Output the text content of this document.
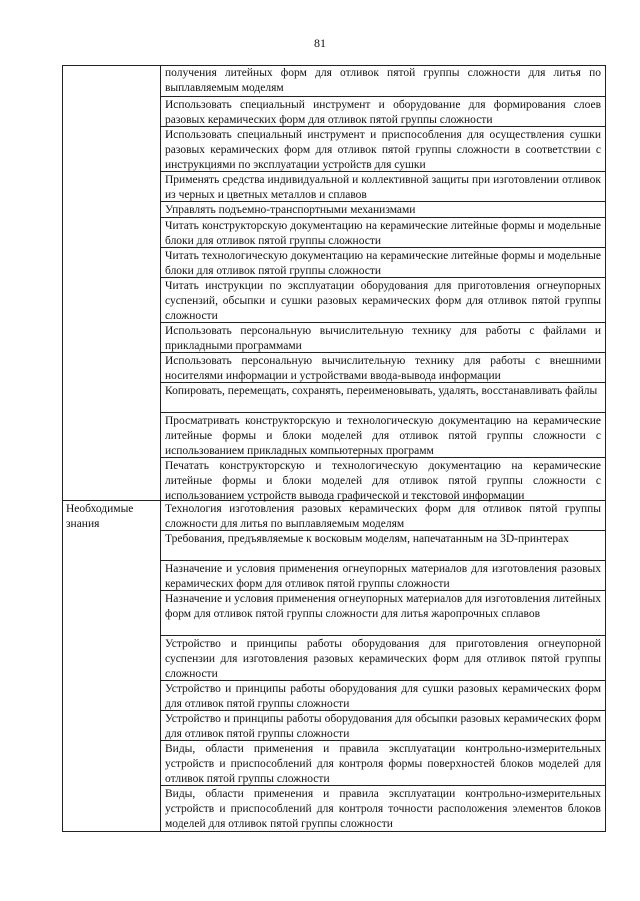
81
Необходимые
знания
получения литейных форм для отливок пятой группы сложности для литья по выплавляемым моделям
Использовать специальный инструмент и оборудование для формирования слоев разовых керамических форм для отливок пятой группы сложности
Использовать специальный инструмент и приспособления для осуществления сушки разовых керамических форм для отливок пятой группы сложности в соответствии с инструкциями по эксплуатации устройств для сушки
Применять средства индивидуальной и коллективной защиты при изготовлении отливок из черных и цветных металлов и сплавов
Управлять подъемно-транспортными механизмами
Читать конструкторскую документацию на керамические литейные формы и модельные блоки для отливок пятой группы сложности
Читать технологическую документацию на керамические литейные формы и модельные блоки для отливок пятой группы сложности
Читать инструкции по эксплуатации оборудования для приготовления огнеупорных суспензий, обсыпки и сушки разовых керамических форм для отливок пятой группы сложности
Использовать персональную вычислительную технику для работы с файлами и прикладными программами
Использовать персональную вычислительную технику для работы с внешними носителями информации и устройствами ввода-вывода информации
Копировать, перемещать, сохранять, переименовывать, удалять, восстанавливать файлы
Просматривать конструкторскую и технологическую документацию на керамические литейные формы и блоки моделей для отливок пятой группы сложности с использованием прикладных компьютерных программ
Печатать конструкторскую и технологическую документацию на керамические литейные формы и блоки моделей для отливок пятой группы сложности с использованием устройств вывода графической и текстовой информации
Технология изготовления разовых керамических форм для отливок пятой группы сложности для литья по выплавляемым моделям
Требования, предъявляемые к восковым моделям, напечатанным на 3D-принтерах
Назначение и условия применения огнеупорных материалов для изготовления разовых керамических форм для отливок пятой группы сложности
Назначение и условия применения огнеупорных материалов для изготовления литейных форм для отливок пятой группы сложности для литья жаропрочных сплавов
Устройство и принципы работы оборудования для приготовления огнеупорной суспензии для изготовления разовых керамических форм для отливок пятой группы сложности
Устройство и принципы работы оборудования для сушки разовых керамических форм для отливок пятой группы сложности
Устройство и принципы работы оборудования для обсыпки разовых керамических форм для отливок пятой группы сложности
Виды, области применения и правила эксплуатации контрольно-измерительных устройств и приспособлений для контроля формы поверхностей блоков моделей для отливок пятой группы сложности
Виды, области применения и правила эксплуатации контрольно-измерительных устройств и приспособлений для контроля точности расположения элементов блоков моделей для отливок пятой группы сложности
